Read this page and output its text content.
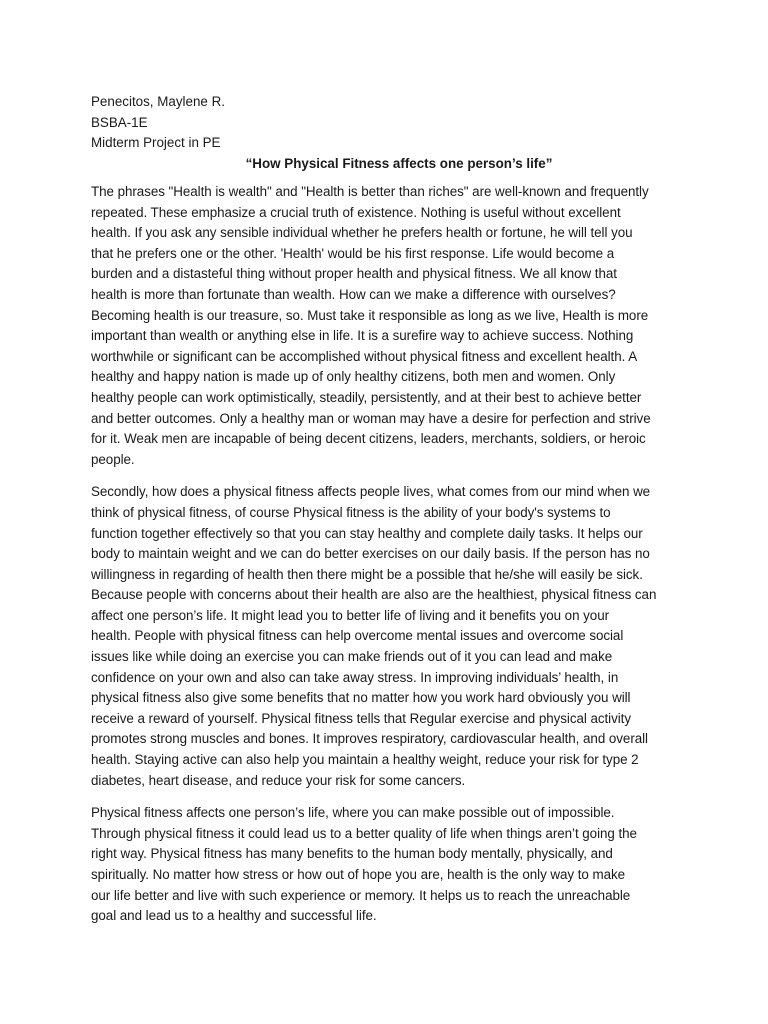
Penecitos, Maylene R.

BSBA-1E

Midterm Project in PE

“How Physical Fitness affects one person’s life”

The phrases "Health is wealth" and "Health is better than riches" are well-known and frequently
repeated. These emphasize a crucial truth of existence. Nothing is useful without excellent
health. If you ask any sensible individual whether he prefers health or fortune, he will tell you
that he prefers one or the other. 'Health' would be his first response. Life would become a
burden and a distasteful thing without proper health and physical fitness. We all know that
health is more than fortunate than wealth. How can we make a difference with ourselves?
Becoming health is our treasure, so. Must take it responsible as long as we live, Health is more
important than wealth or anything else in life. It is a surefire way to achieve success. Nothing
worthwhile or significant can be accomplished without physical fitness and excellent health. A
healthy and happy nation is made up of only healthy citizens, both men and women. Only
healthy people can work optimistically, steadily, persistently, and at their best to achieve better
and better outcomes. Only a healthy man or woman may have a desire for perfection and strive
for it. Weak men are incapable of being decent citizens, leaders, merchants, soldiers, or heroic
people.
Secondly, how does a physical fitness affects people lives, what comes from our mind when we
think of physical fitness, of course Physical fitness is the ability of your body's systems to
function together effectively so that you can stay healthy and complete daily tasks. It helps our
body to maintain weight and we can do better exercises on our daily basis. If the person has no
willingness in regarding of health then there might be a possible that he/she will easily be sick.
Because people with concerns about their health are also are the healthiest, physical fitness can
affect one person’s life. It might lead you to better life of living and it benefits you on your
health. People with physical fitness can help overcome mental issues and overcome social
issues like while doing an exercise you can make friends out of it you can lead and make
confidence on your own and also can take away stress. In improving individuals’ health, in
physical fitness also give some benefits that no matter how you work hard obviously you will
receive a reward of yourself. Physical fitness tells that Regular exercise and physical activity
promotes strong muscles and bones. It improves respiratory, cardiovascular health, and overall
health. Staying active can also help you maintain a healthy weight, reduce your risk for type 2
diabetes, heart disease, and reduce your risk for some cancers.
Physical fitness affects one person’s life, where you can make possible out of impossible.
Through physical fitness it could lead us to a better quality of life when things aren’t going the
right way. Physical fitness has many benefits to the human body mentally, physically, and
spiritually. No matter how stress or how out of hope you are, health is the only way to make
our life better and live with such experience or memory. It helps us to reach the unreachable
goal and lead us to a healthy and successful life.
